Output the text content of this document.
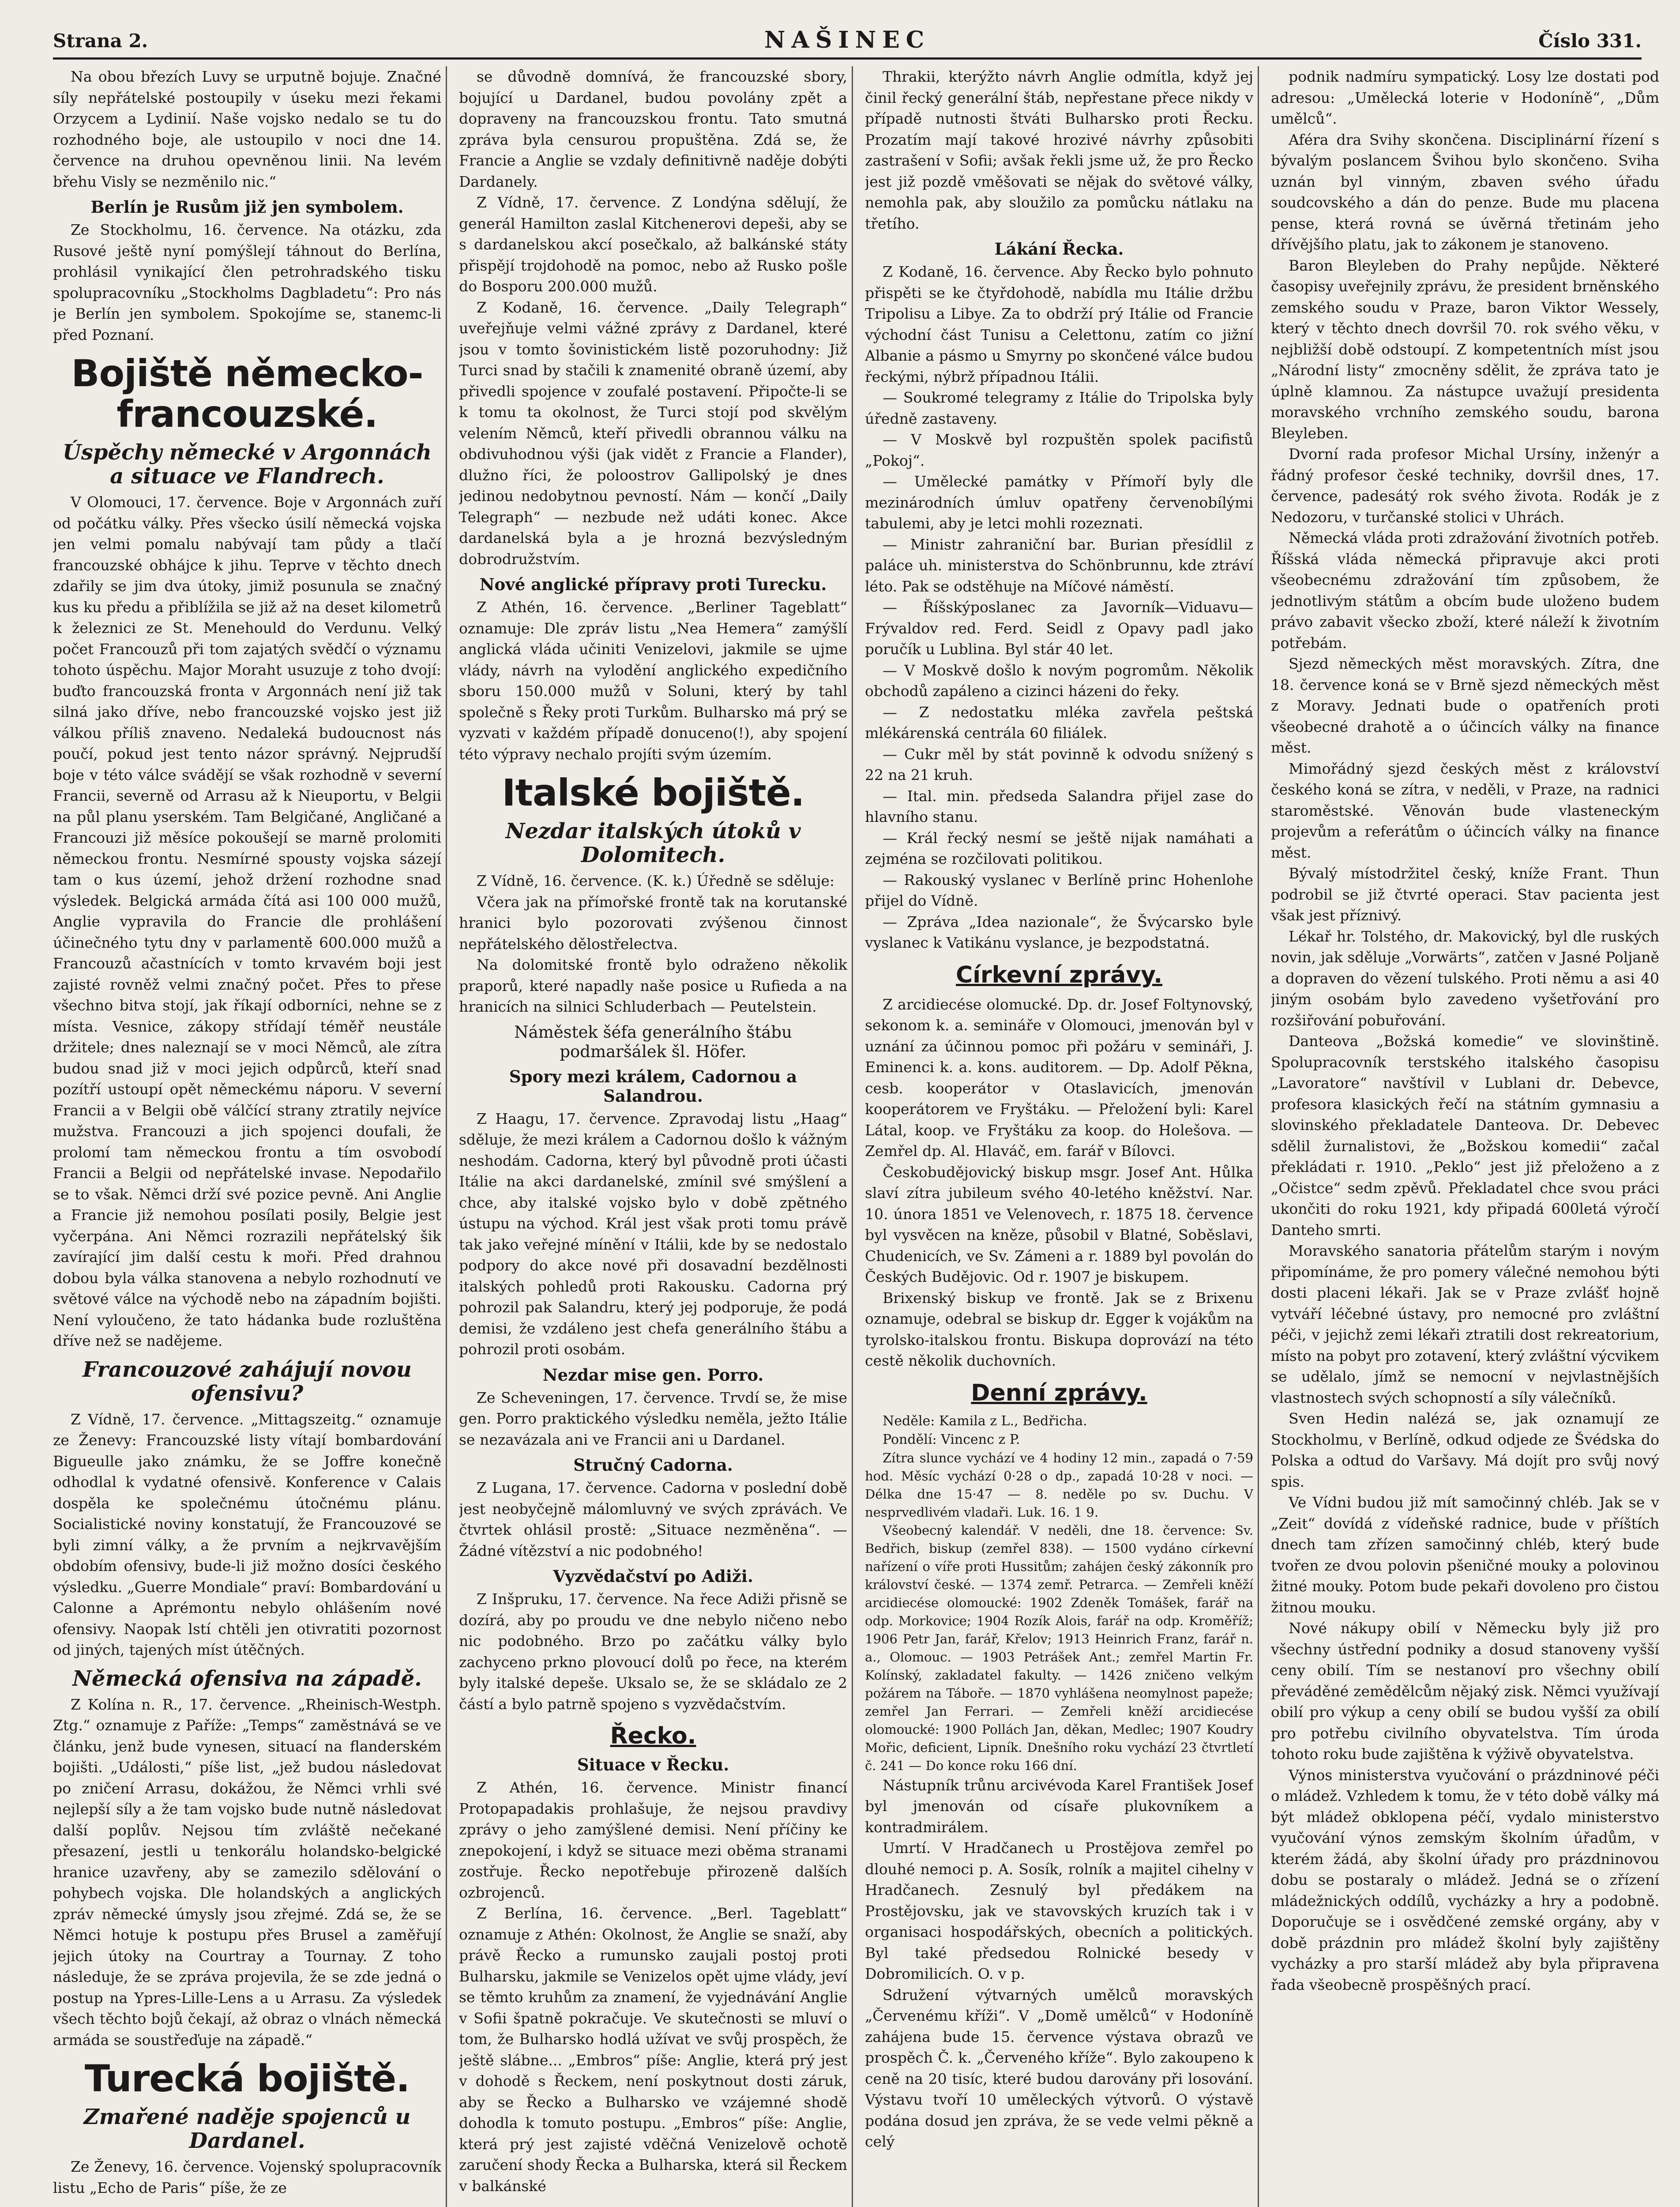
Strana 2.	NAŠINEC	Číslo 331.

Na obou březích Luvy se urputně bojuje. Značné síly nepřátelské postoupily v úseku mezi řekami Orzycem a Lydinií. Naše vojsko nedalo se tu do rozhodného boje, ale ustoupilo v noci dne 14. července na druhou opevněnou linii. Na levém břehu Visly se nezměnilo nic.“

Berlín je Rusům již jen symbolem.

Ze Stockholmu, 16. července. Na otázku, zda Rusové ještě nyní pomýšlejí táhnout do Berlína, prohlásil vynikající člen petrohradského tisku spolupracovníku „Stockholms Dagbladetu“: Pro nás je Berlín jen symbolem. Spokojíme se, stanemc-li před Poznaní.

Bojiště německo-francouzské.
Úspěchy německé v Argonnách a situace ve Flandrech.

V Olomouci, 17. července. Boje v Argonnách zuří od počátku války. Přes všecko úsilí německá vojska jen velmi pomalu nabývají tam půdy a tlačí francouzské obhájce k jihu. Teprve v těchto dnech zdařily se jim dva útoky, jimiž posunula se značný kus ku předu a přiblížila se již až na deset kilometrů k železnici ze St. Menehould do Verdunu. Velký počet Francouzů při tom zajatých svědčí o významu tohoto úspěchu. Major Moraht usuzuje z toho dvojí: buďto francouzská fronta v Argonnách není již tak silná jako dříve, nebo francouzské vojsko jest již válkou příliš znaveno. Nedaleká budoucnost nás poučí, pokud jest tento názor správný. Nejprudší boje v této válce svádějí se však rozhodně v severní Francii, severně od Arrasu až k Nieuportu, v Belgii na půl planu yserském. Tam Belgičané, Angličané a Francouzi již měsíce pokoušejí se marně prolomiti německou frontu. Nesmírné spousty vojska sázejí tam o kus území, jehož držení rozhodne snad výsledek. Belgická armáda čítá asi 100 000 mužů, Anglie vypravila do Francie dle prohlášení účinečného tytu dny v parlamentě 600.000 mužů a Francouzů ačastnících v tomto krvavém boji jest zajisté rovněž velmi značný počet. Přes to přese všechno bitva stojí, jak říkají odborníci, nehne se z místa. Vesnice, zákopy střídají téměř neustále držitele; dnes naleznají se v moci Němců, ale zítra budou snad již v moci jejich odpůrců, kteří snad pozítří ustoupí opět německému náporu. V severní Francii a v Belgii obě válčící strany ztratily nejvíce mužstva. Francouzi a jich spojenci doufali, že prolomí tam německou frontu a tím osvobodí Francii a Belgii od nepřátelské invase. Nepodařilo se to však. Němci drží své pozice pevně. Ani Anglie a Francie již nemohou posílati posily, Belgie jest vyčerpána. Ani Němci rozrazili nepřátelský šik zavírající jim další cestu k moři. Před drahnou dobou byla válka stanovena a nebylo rozhodnutí ve světové válce na východě nebo na západním bojišti. Není vyloučeno, že tato hádanka bude rozluštěna dříve než se nadějeme.

Francouzové zahájují novou ofensivu?

Z Vídně, 17. července. „Mittagszeitg.“ oznamuje ze Ženevy: Francouzské listy vítají bombardování Bigueulle jako známku, že se Joffre konečně odhodlal k vydatné ofensivě. Konference v Calais dospěla ke společnému útočnému plánu. Socialistické noviny konstatují, že Francouzové se byli zimní války, a že prvním a nejkrvavějším obdobím ofensivy, bude-li již možno dosíci českého výsledku. „Guerre Mondiale“ praví: Bombardování u Calonne a Aprémontu nebylo ohlášením nové ofensivy. Naopak lstí chtěli jen otivratiti pozornost od jiných, tajených míst útěčných.

Německá ofensiva na západě.

Z Kolína n. R., 17. července. „Rheinisch-Westph. Ztg.“ oznamuje z Paříže: „Temps“ zaměstnává se ve článku, jenž bude vynesen, situací na flanderském bojišti. „Události,“ píše list, „jež budou následovat po zničení Arrasu, dokážou, že Němci vrhli své nejlepší síly a že tam vojsko bude nutně následovat další poplův. Nejsou tím zvláště nečekané přesazení, jestli u tenkorálu holandsko-belgické hranice uzavřeny, aby se zamezilo sdělování o pohybech vojska. Dle holandských a anglických zpráv německé úmysly jsou zřejmé. Zdá se, že se Němci hotuje k postupu přes Brusel a zaměřují jejich útoky na Courtray a Tournay. Z toho následuje, že se zpráva projevila, že se zde jedná o postup na Ypres-Lille-Lens a u Arrasu. Za výsledek všech těchto bojů čekají, až obraz o vlnách německá armáda se soustřeďuje na západě.“

Turecká bojiště.
Zmařené naděje spojenců u Dardanel.

Ze Ženevy, 16. července. Vojenský spolupracovník listu „Echo de Paris“ píše, že ze

se důvodně domnívá, že francouzské sbory, bojující u Dardanel, budou povolány zpět a dopraveny na francouzskou frontu. Tato smutná zpráva byla censurou propuštěna. Zdá se, že Francie a Anglie se vzdaly definitivně naděje dobýti Dardanely.

Z Vídně, 17. července. Z Londýna sdělují, že generál Hamilton zaslal Kitchenerovi depeši, aby se s dardanelskou akcí posečkalo, až balkánské státy přispějí trojdohodě na pomoc, nebo až Rusko pošle do Bosporu 200.000 mužů.

Z Kodaně, 16. července. „Daily Telegraph“ uveřejňuje velmi vážné zprávy z Dardanel, které jsou v tomto šovinistickém listě pozoruhodny: Již Turci snad by stačili k znamenité obraně území, aby přivedli spojence v zoufalé postavení. Připočte-li se k tomu ta okolnost, že Turci stojí pod skvělým velením Němců, kteří přivedli obrannou válku na obdivuhodnou výši (jak vidět z Francie a Flander), dlužno říci, že poloostrov Gallipolský je dnes jedinou nedobytnou pevností. Nám — končí „Daily Telegraph“ — nezbude než udáti konec. Akce dardanelská byla a je hrozná bezvýsledným dobrodružstvím.

Nové anglické přípravy proti Turecku.

Z Athén, 16. července. „Berliner Tageblatt“ oznamuje: Dle zpráv listu „Nea Hemera“ zamýšlí anglická vláda učiniti Venizelovi, jakmile se ujme vlády, návrh na vylodění anglického expedičního sboru 150.000 mužů v Soluni, který by tahl společně s Řeky proti Turkům. Bulharsko má prý se vyzvati v každém případě donuceno(!), aby spojení této výpravy nechalo projíti svým územím.

Italské bojiště.
Nezdar italských útoků v Dolomitech.

Z Vídně, 16. července. (K. k.) Úředně se sděluje:

Včera jak na přímořské frontě tak na korutanské hranici bylo pozorovati zvýšenou činnost nepřátelského dělostřelectva.

Na dolomitské frontě bylo odraženo několik praporů, které napadly naše posice u Rufieda a na hranicích na silnici Schluderbach — Peutelstein.

Náměstek šéfa generálního štábu podmaršálek šl. Höfer.
Spory mezi králem, Cadornou a Salandrou.

Z Haagu, 17. července. Zpravodaj listu „Haag“ sděluje, že mezi králem a Cadornou došlo k vážným neshodám. Cadorna, který byl původně proti účasti Itálie na akci dardanelské, zmínil své smýšlení a chce, aby italské vojsko bylo v době zpětného ústupu na východ. Král jest však proti tomu právě tak jako veřejné mínění v Itálii, kde by se nedostalo podpory do akce nové při dosavadní bezdělnosti italských pohledů proti Rakousku. Cadorna prý pohrozil pak Salandru, který jej podporuje, že podá demisi, že vzdáleno jest chefa generálního štábu a pohrozil proti osobám.

Nezdar mise gen. Porro.

Ze Scheveningen, 17. července. Trvdí se, že mise gen. Porro praktického výsledku neměla, ježto Itálie se nezavázala ani ve Francii ani u Dardanel.

Stručný Cadorna.

Z Lugana, 17. července. Cadorna v poslední době jest neobyčejně málomluvný ve svých zprávách. Ve čtvrtek ohlásil prostě: „Situace nezměněna“. — Žádné vítězství a nic podobného!

Vyzvědačství po Adiži.

Z Inšpruku, 17. července. Na řece Adiži přisně se dozírá, aby po proudu ve dne nebylo ničeno nebo nic podobného. Brzo po začátku války bylo zachyceno prkno plovoucí dolů po řece, na kterém byly italské depeše. Uksalo se, že se skládalo ze 2 částí a bylo patrně spojeno s vyzvědačstvím.

Řecko.
Situace v Řecku.

Z Athén, 16. července. Ministr financí Protopapadakis prohlašuje, že nejsou pravdivy zprávy o jeho zamýšlené demisi. Není příčiny ke znepokojení, i když se situace mezi oběma stranami zostřuje. Řecko nepotřebuje přirozeně dalších ozbrojenců.

Z Berlína, 16. července. „Berl. Tageblatt“ oznamuje z Athén: Okolnost, že Anglie se snaží, aby právě Řecko a rumunsko zaujali postoj proti Bulharsku, jakmile se Venizelos opět ujme vlády, jeví se těmto kruhům za znamení, že vyjednávání Anglie v Sofii špatně pokračuje. Ve skutečnosti se mluví o tom, že Bulharsko hodlá užívat ve svůj prospěch, že ještě slábne... „Embros“ píše: Anglie, která prý jest v dohodě s Řeckem, není poskytnout dosti záruk, aby se Řecko a Bulharsko ve vzájemné shodě dohodla k tomuto postupu. „Embros“ píše: Anglie, která prý jest zajisté vděčná Venizelově ochotě zaručení shody Řecka a Bulharska, která sil Řeckem v balkánské

Thrakii, kterýžto návrh Anglie odmítla, když jej činil řecký generální štáb, nepřestane přece nikdy v případě nutnosti štváti Bulharsko proti Řecku. Prozatím mají takové hrozivé návrhy způsobiti zastrašení v Sofii; avšak řekli jsme už, že pro Řecko jest již pozdě vměšovati se nějak do světové války, nemohla pak, aby sloužilo za pomůcku nátlaku na třetího.

Lákání Řecka.

Z Kodaně, 16. července. Aby Řecko bylo pohnuto přispěti se ke čtyřdohodě, nabídla mu Itálie držbu Tripolisu a Libye. Za to obdrží prý Itálie od Francie východní část Tunisu a Celettonu, zatím co jižní Albanie a pásmo u Smyrny po skončené válce budou řeckými, nýbrž případnou Itálii.

— Soukromé telegramy z Itálie do Tripolska byly úředně zastaveny.

— V Moskvě byl rozpuštěn spolek pacifistů „Pokoj“.

— Umělecké památky v Přímoří byly dle mezinárodních úmluv opatřeny červenobílými tabulemi, aby je letci mohli rozeznati.

— Ministr zahraniční bar. Burian přesídlil z paláce uh. ministerstva do Schönbrunnu, kde ztráví léto. Pak se odstěhuje na Míčové náměstí.

— Říšskýposlanec za Javorník—Viduavu—Frývaldov red. Ferd. Seidl z Opavy padl jako poručík u Lublina. Byl stár 40 let.

— V Moskvě došlo k novým pogromům. Několik obchodů zapáleno a cizinci házeni do řeky.

— Z nedostatku mléka zavřela peštská mlékárenská centrála 60 filiálek.

— Cukr měl by stát povinně k odvodu snížený s 22 na 21 kruh.

— Ital. min. předseda Salandra přijel zase do hlavního stanu.

— Král řecký nesmí se ještě nijak namáhati a zejména se rozčilovati politikou.

— Rakouský vyslanec v Berlíně princ Hohenlohe přijel do Vídně.

— Zpráva „Idea nazionale“, že Švýcarsko byle vyslanec k Vatikánu vyslance, je bezpodstatná.

Církevní zprávy.

Z arcidiecése olomucké. Dp. dr. Josef Foltynovský, sekonom k. a. semináře v Olomouci, jmenován byl v uznání za účinnou pomoc při požáru v semináři, J. Eminenci k. a. kons. auditorem. — Dp. Adolf Pěkna, cesb. kooperátor v Otaslavicích, jmenován kooperátorem ve Fryštáku. — Přeložení byli: Karel Látal, koop. ve Fryštáku za koop. do Holešova. — Zemřel dp. Al. Hlaváč, em. farář v Bílovci.

Českobudějovický biskup msgr. Josef Ant. Hůlka slaví zítra jubileum svého 40-letého kněžství. Nar. 10. února 1851 ve Velenovech, r. 1875 18. července byl vysvěcen na kněze, působil v Blatné, Soběslavi, Chudenicích, ve Sv. Zámeni a r. 1889 byl povolán do Českých Budějovic. Od r. 1907 je biskupem.

Brixenský biskup ve frontě. Jak se z Brixenu oznamuje, odebral se biskup dr. Egger k vojákům na tyrolsko-italskou frontu. Biskupa doprovází na této cestě několik duchovních.

Denní zprávy.

Neděle: Kamila z L., Bedřicha.

Pondělí: Vincenc z P.

Zítra slunce vychází ve 4 hodiny 12 min., zapadá o 7·59 hod. Měsíc vychází 0·28 o dp., zapadá 10·28 v noci. — Délka dne 15·47 — 8. neděle po sv. Duchu. V nesprvedlivém vladaři. Luk. 16. 1 9.

Všeobecný kalendář. V neděli, dne 18. července: Sv. Bedřich, biskup (zemřel 838). — 1500 vydáno církevní nařízení o víře proti Hussitům; zahájen český zákonník pro království české. — 1374 zemř. Petrarca. — Zemřeli kněží arcidiecése olomoucké: 1902 Zdeněk Tomášek, farář na odp. Morkovice; 1904 Rozík Alois, farář na odp. Kroměříž; 1906 Petr Jan, farář, Křelov; 1913 Heinrich Franz, farář n. a., Olomouc. — 1903 Petrášek Ant.; zemřel Martin Fr. Kolínský, zakladatel fakulty. — 1426 zničeno velkým požárem na Táboře. — 1870 vyhlášena neomylnost papeže; zemřel Jan Ferrari. — Zemřeli kněží arcidiecése olomoucké: 1900 Pollách Jan, děkan, Medlec; 1907 Koudry Mořic, deficient, Lipník. Dnešního roku vychází 23 čtvrtletí č. 241 — Do konce roku 166 dní.

Nástupník trůnu arcivévoda Karel František Josef byl jmenován od císaře plukovníkem a kontradmirálem.

Umrtí. V Hradčanech u Prostějova zemřel po dlouhé nemoci p. A. Sosík, rolník a majitel cihelny v Hradčanech. Zesnulý byl předákem na Prostějovsku, jak ve stavovských kruzích tak i v organisaci hospodářských, obecních a politických. Byl také předsedou Rolnické besedy v Dobromilicích. O. v p.

Sdružení výtvarných umělců moravských „Červenému kříži“. V „Domě umělců“ v Hodoníně zahájena bude 15. července výstava obrazů ve prospěch Č. k. „Červeného kříže“. Bylo zakoupeno k ceně na 20 tisíc, které budou darovány při losování. Výstavu tvoří 10 uměleckých výtvorů. O výstavě podána dosud jen zpráva, že se vede velmi pěkně a celý

podnik nadmíru sympatický. Losy lze dostati pod adresou: „Umělecká loterie v Hodoníně“, „Dům umělců“.

Aféra dra Svihy skončena. Disciplinární řízení s bývalým poslancem Švihou bylo skončeno. Sviha uznán byl vinným, zbaven svého úřadu soudcovského a dán do penze. Bude mu placena pense, která rovná se úvěrná třetinám jeho dřívějšího platu, jak to zákonem je stanoveno.

Baron Bleyleben do Prahy nepůjde. Některé časopisy uveřejnily zprávu, že president brněnského zemského soudu v Praze, baron Viktor Wessely, který v těchto dnech dovršil 70. rok svého věku, v nejbližší době odstoupí. Z kompetentních míst jsou „Národní listy“ zmocněny sdělit, že zpráva tato je úplně klamnou. Za nástupce uvažují presidenta moravského vrchního zemského soudu, barona Bleyleben.

Dvorní rada profesor Michal Ursíny, inženýr a řádný profesor české techniky, dovršil dnes, 17. července, padesátý rok svého života. Rodák je z Nedozoru, v turčanské stolici v Uhrách.

Německá vláda proti zdražování životních potřeb. Říšská vláda německá připravuje akci proti všeobecnému zdražování tím způsobem, že jednotlivým státům a obcím bude uloženo budem právo zabavit všecko zboží, které náleží k životním potřebám.

Sjezd německých měst moravských. Zítra, dne 18. července koná se v Brně sjezd německých měst z Moravy. Jednati bude o opatřeních proti všeobecné drahotě a o účincích války na finance měst.

Mimořádný sjezd českých měst z království českého koná se zítra, v neděli, v Praze, na radnici staroměstské. Věnován bude vlasteneckým projevům a referátům o účincích války na finance měst.

Bývalý místodržitel český, kníže Frant. Thun podrobil se již čtvrté operaci. Stav pacienta jest však jest příznivý.

Lékař hr. Tolstého, dr. Makovický, byl dle ruských novin, jak sděluje „Vorwärts“, zatčen v Jasné Poljaně a dopraven do vězení tulského. Proti němu a asi 40 jiným osobám bylo zavedeno vyšetřování pro rozšiřování pobuřování.

Danteova „Božská komedie“ ve slovinštině. Spolupracovník terstského italského časopisu „Lavoratore“ navštívil v Lublani dr. Debevce, profesora klasických řečí na státním gymnasiu a slovinského překladatele Danteova. Dr. Debevec sdělil žurnalistovi, že „Božskou komedii“ začal překládati r. 1910. „Peklo“ jest již přeloženo a z „Očistce“ sedm zpěvů. Překladatel chce svou práci ukončiti do roku 1921, kdy připadá 600letá výročí Danteho smrti.

Moravského sanatoria přátelům starým i novým připomínáme, že pro pomery válečné nemohou býti dosti placeni lékaři. Jak se v Praze zvlášť hojně vytváří léčebné ústavy, pro nemocné pro zvláštní péči, v jejichž zemi lékaři ztratili dost rekreatorium, místo na pobyt pro zotavení, který zvláštní výcvikem se udělalo, jímž se nemocní v nejvlastnějších vlastnostech svých schopností a síly válečníků.

Sven Hedin nalézá se, jak oznamují ze Stockholmu, v Berlíně, odkud odjede ze Švédska do Polska a odtud do Varšavy. Má dojít pro svůj nový spis.

Ve Vídni budou již mít samočinný chléb. Jak se v „Zeit“ dovídá z vídeňské radnice, bude v příštích dnech tam zřízen samočinný chléb, který bude tvořen ze dvou polovin pšeničné mouky a polovinou žitné mouky. Potom bude pekaři dovoleno pro čistou žitnou mouku.

Nové nákupy obilí v Německu byly již pro všechny ústřední podniky a dosud stanoveny vyšší ceny obilí. Tím se nestanoví pro všechny obilí převáděné zemědělcům nějaký zisk. Němci využívají obilí pro výkup a ceny obilí se budou vyšší za obilí pro potřebu civilního obyvatelstva. Tím úroda tohoto roku bude zajištěna k výživě obyvatelstva.

Výnos ministerstva vyučování o prázdninové péči o mládež. Vzhledem k tomu, že v této době války má být mládež obklopena péčí, vydalo ministerstvo vyučování výnos zemským školním úřadům, v kterém žádá, aby školní úřady pro prázdninovou dobu se postaraly o mládež. Jedná se o zřízení mládežnických oddílů, vycházky a hry a podobně. Doporučuje se i osvědčené zemské orgány, aby v době prázdnin pro mládež školní byly zajištěny vycházky a pro starší mládež aby byla připravena řada všeobecně prospěšných prací.
